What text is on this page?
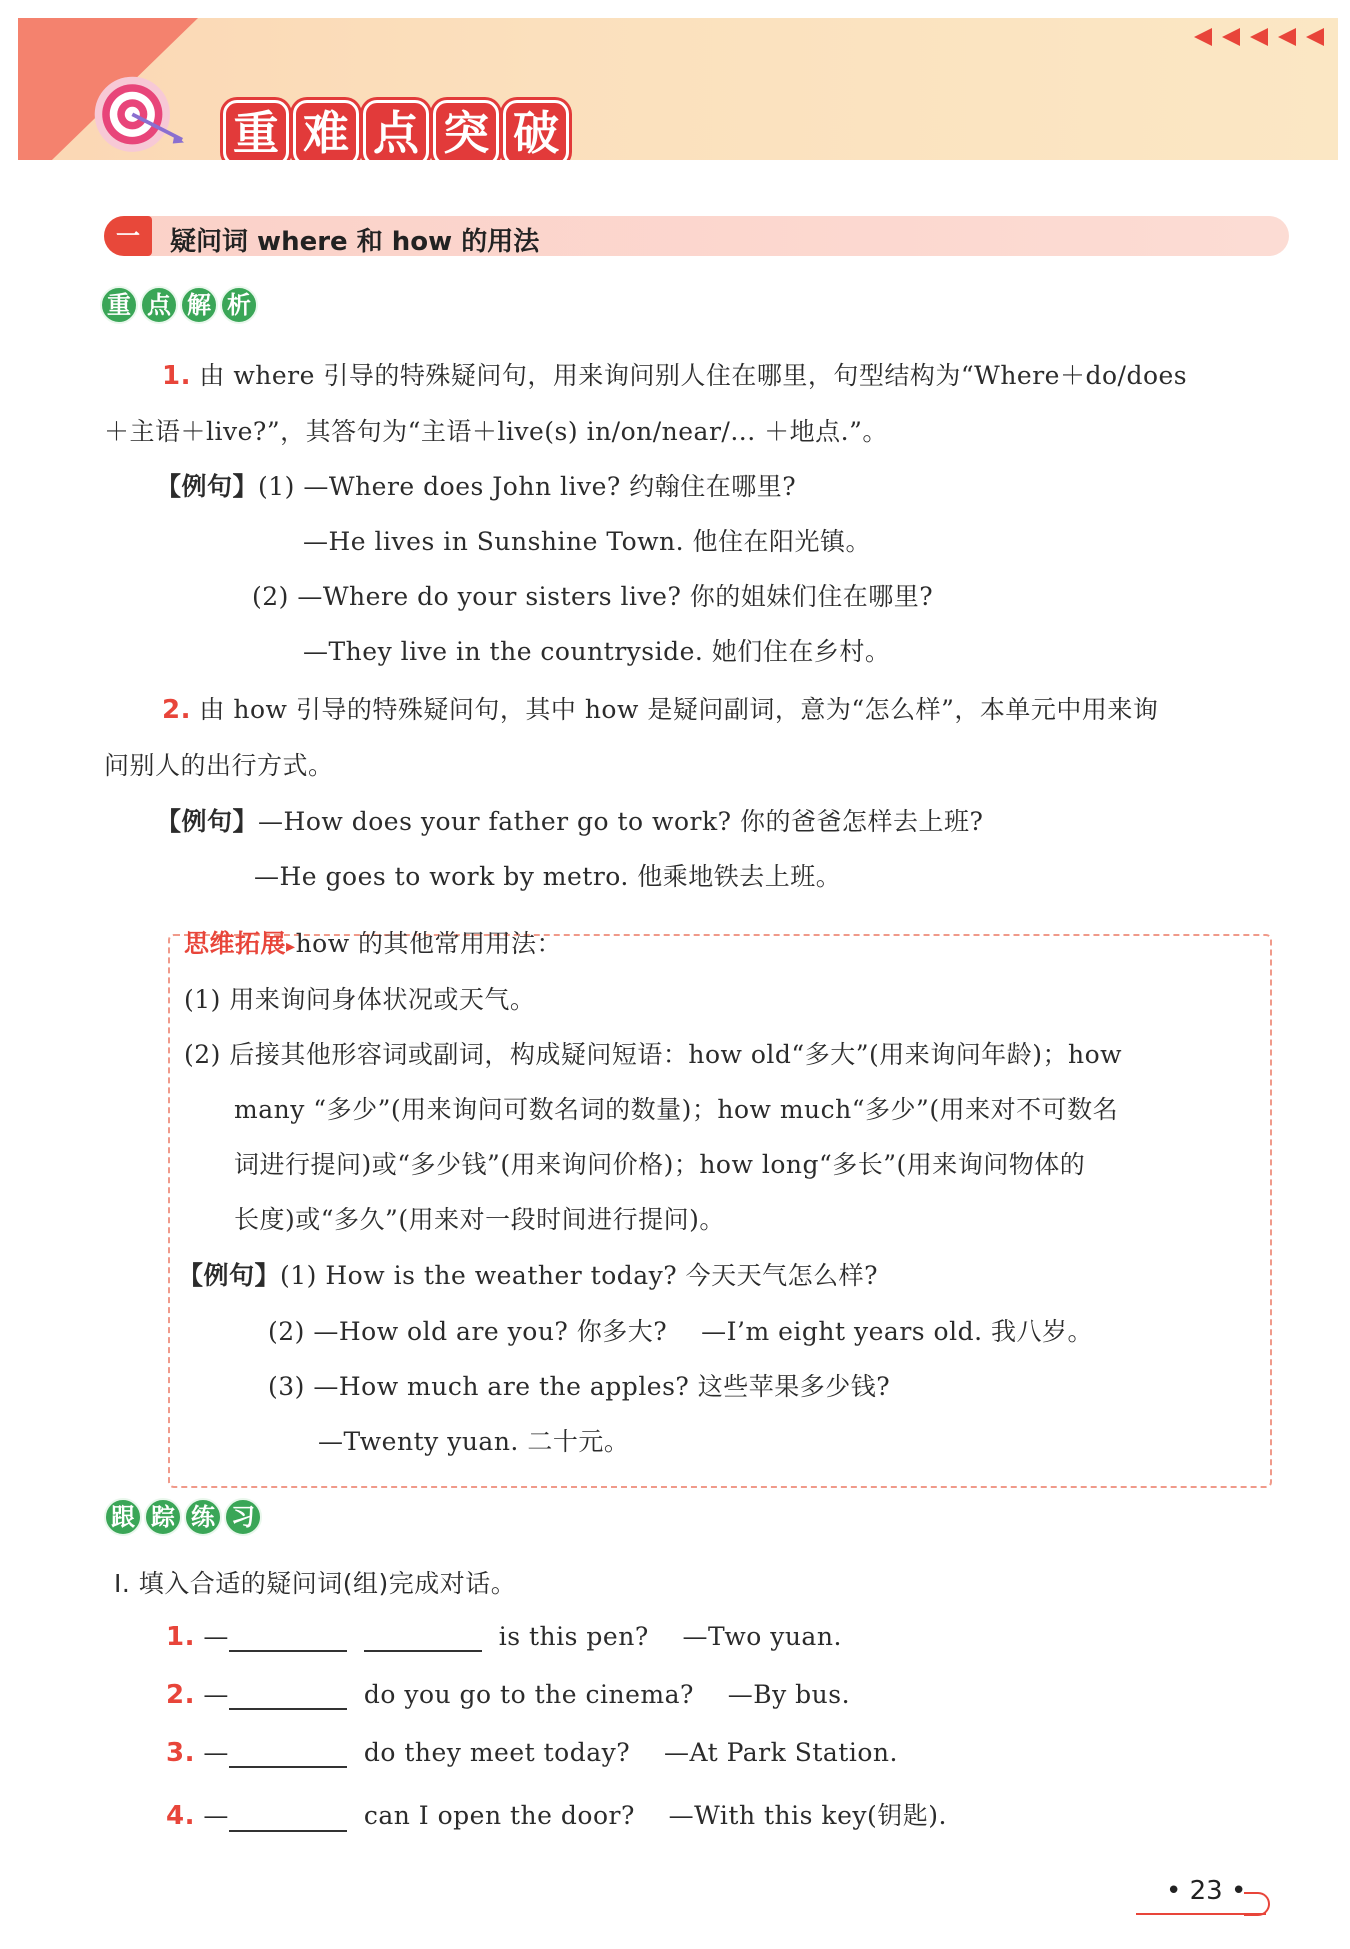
重 难 点 突 破
一	疑问词 where 和 how 的用法
重 点 解 析
1. 由 where 引导的特殊疑问句，用来询问别人住在哪里，句型结构为“Where＋do/does
＋主语＋live?”，其答句为“主语＋live(s) in/on/near/... ＋地点.”。
【例句】(1) —Where does John live? 约翰住在哪里?
—He lives in Sunshine Town. 他住在阳光镇。
(2) —Where do your sisters live? 你的姐妹们住在哪里?
—They live in the countryside. 她们住在乡村。
2. 由 how 引导的特殊疑问句，其中 how 是疑问副词，意为“怎么样”，本单元中用来询
问别人的出行方式。
【例句】—How does your father go to work? 你的爸爸怎样去上班?
—He goes to work by metro. 他乘地铁去上班。
思维拓展▸how 的其他常用用法：
(1) 用来询问身体状况或天气。
(2) 后接其他形容词或副词，构成疑问短语：how old“多大”(用来询问年龄)；how
many “多少”(用来询问可数名词的数量)；how much“多少”(用来对不可数名
词进行提问)或“多少钱”(用来询问价格)；how long“多长”(用来询问物体的
长度)或“多久”(用来对一段时间进行提问)。
【例句】(1) How is the weather today? 今天天气怎么样?
(2) —How old are you? 你多大?　 —I’m eight years old. 我八岁。
(3) —How much are the apples? 这些苹果多少钱?
—Twenty yuan. 二十元。
跟 踪 练 习
Ⅰ. 填入合适的疑问词(组)完成对话。
1. —	is this pen? —Two yuan.
2. —	do you go to the cinema? —By bus.
3. —	do they meet today? —At Park Station.
4. —	can I open the door? —With this key(钥匙).
• 23 •
